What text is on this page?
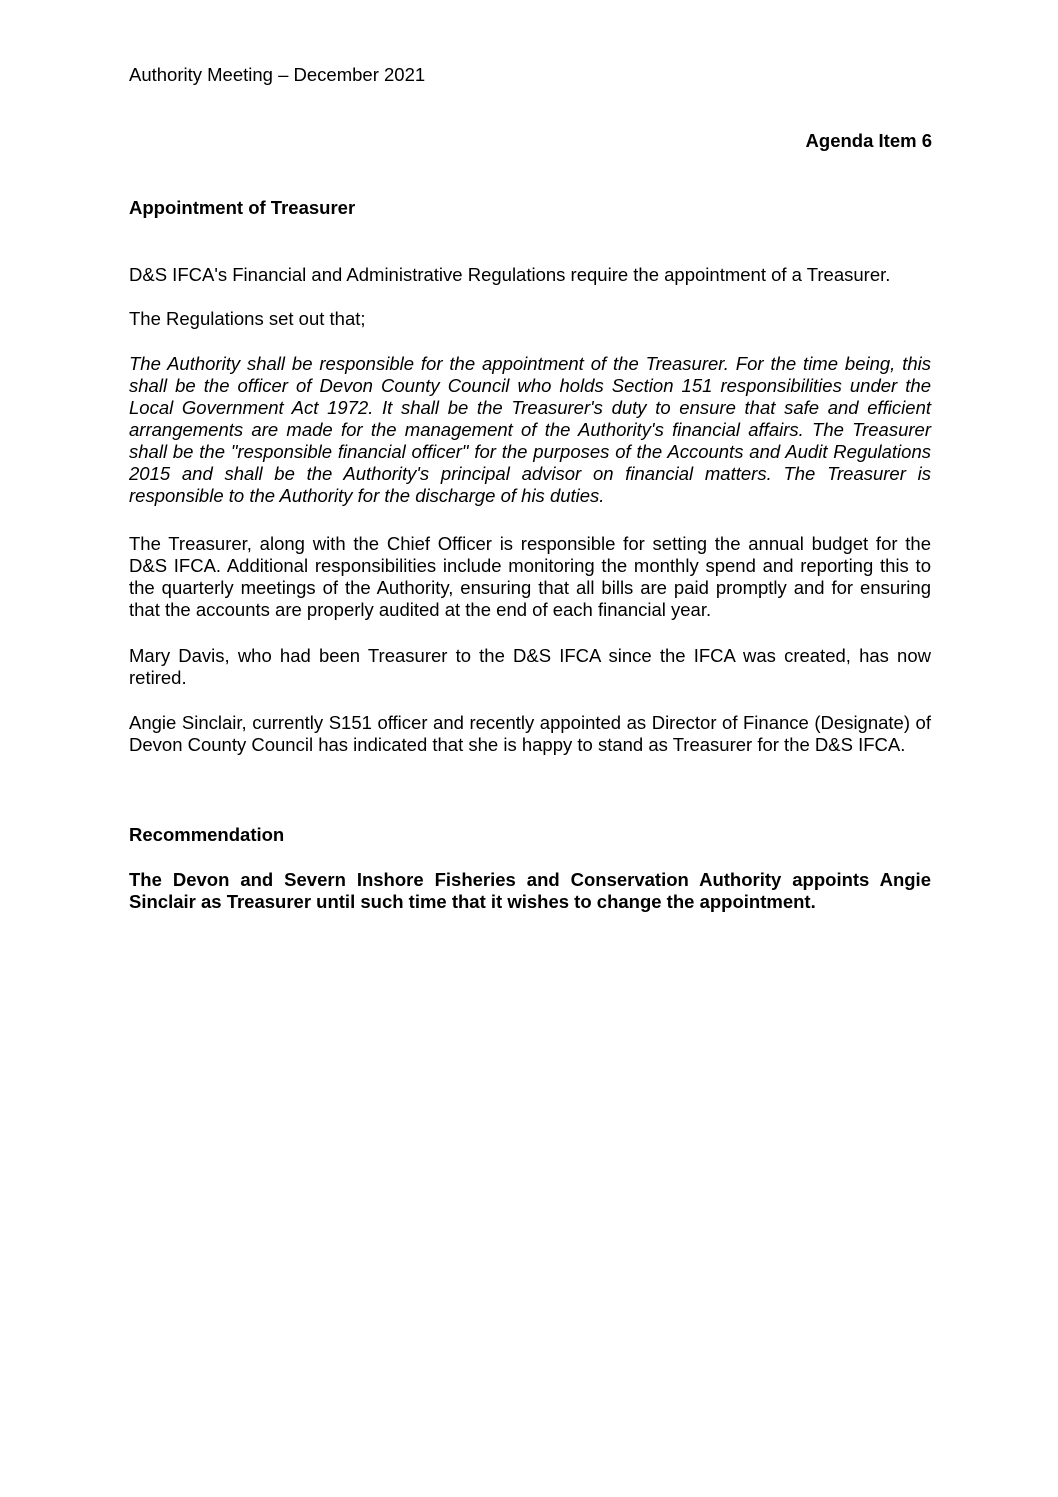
Authority Meeting – December 2021
Agenda Item 6
Appointment of Treasurer
D&S IFCA's Financial and Administrative Regulations require the appointment of a Treasurer.
The Regulations set out that;
The Authority shall be responsible for the appointment of the Treasurer. For the time being, this shall be the officer of Devon County Council who holds Section 151 responsibilities under the Local Government Act 1972. It shall be the Treasurer's duty to ensure that safe and efficient arrangements are made for the management of the Authority's financial affairs. The Treasurer shall be the "responsible financial officer" for the purposes of the Accounts and Audit Regulations 2015 and shall be the Authority's principal advisor on financial matters. The Treasurer is responsible to the Authority for the discharge of his duties.
The Treasurer, along with the Chief Officer is responsible for setting the annual budget for the D&S IFCA. Additional responsibilities include monitoring the monthly spend and reporting this to the quarterly meetings of the Authority, ensuring that all bills are paid promptly and for ensuring that the accounts are properly audited at the end of each financial year.
Mary Davis, who had been Treasurer to the D&S IFCA since the IFCA was created, has now retired.
Angie Sinclair, currently S151 officer and recently appointed as Director of Finance (Designate) of Devon County Council has indicated that she is happy to stand as Treasurer for the D&S IFCA.
Recommendation
The Devon and Severn Inshore Fisheries and Conservation Authority appoints Angie Sinclair as Treasurer until such time that it wishes to change the appointment.
